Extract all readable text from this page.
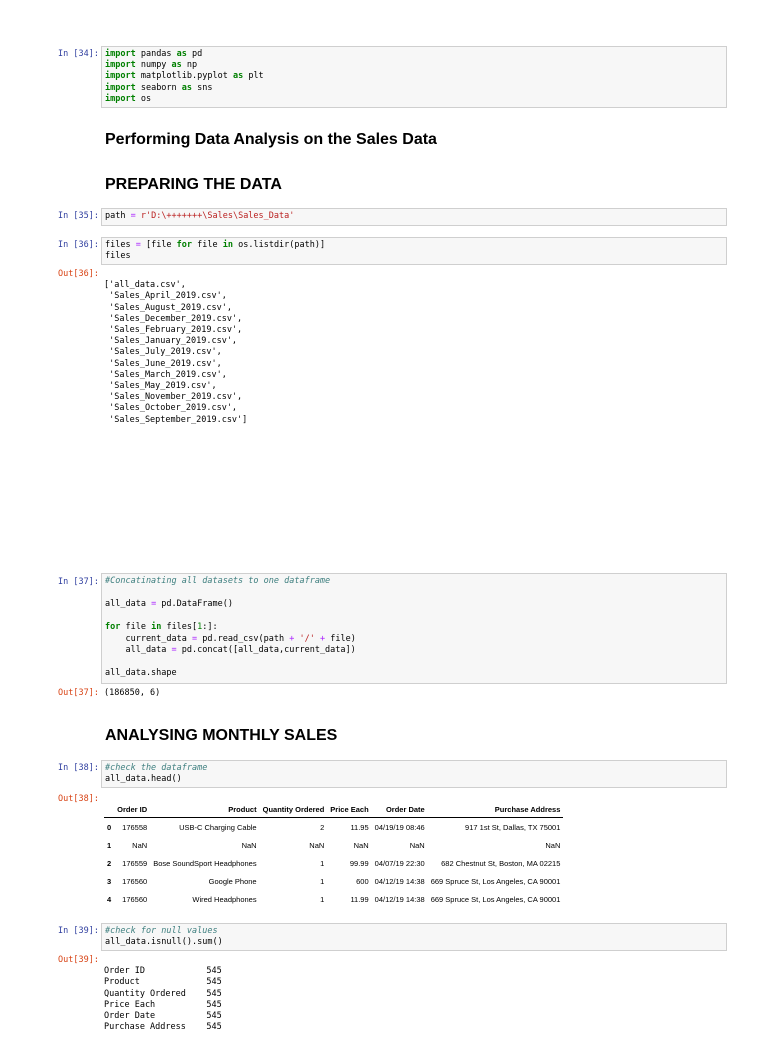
In [34]: import pandas as pd
import numpy as np
import matplotlib.pyplot as plt
import seaborn as sns
import os
Performing Data Analysis on the Sales Data
PREPARING THE DATA
In [35]: path = r'D:\+++++++\Sales\Sales_Data'
In [36]: files = [file for file in os.listdir(path)]
files
Out[36]:

['all_data.csv',
'Sales_April_2019.csv',
'Sales_August_2019.csv',
'Sales_December_2019.csv',
'Sales_February_2019.csv',
'Sales_January_2019.csv',
'Sales_July_2019.csv',
'Sales_June_2019.csv',
'Sales_March_2019.csv',
'Sales_May_2019.csv',
'Sales_November_2019.csv',
'Sales_October_2019.csv',
'Sales_September_2019.csv']

In [37]: #Concatinating all datasets to one dataframe

all_data = pd.DataFrame()

for file in files[1:]:
current_data = pd.read_csv(path + '/' + file)
all_data = pd.concat([all_data,current_data])

all_data.shape
Out[37]: (186850, 6)
ANALYSING MONTHLY SALES
In [38]: #check the dataframe
all_data.head()
Out[38]:
	Order ID	Product	Quantity Ordered	Price Each	Order Date	Purchase Address
0	176558	USB-C Charging Cable	2	11.95	04/19/19 08:46	917 1st St, Dallas, TX 75001
1	NaN	NaN	NaN	NaN	NaN	NaN
2	176559	Bose SoundSport Headphones	1	99.99	04/07/19 22:30	682 Chestnut St, Boston, MA 02215
3	176560	Google Phone	1	600	04/12/19 14:38	669 Spruce St, Los Angeles, CA 90001
4	176560	Wired Headphones	1	11.99	04/12/19 14:38	669 Spruce St, Los Angeles, CA 90001
In [39]: #check for null values
all_data.isnull().sum()
Out[39]:

Order ID            545
Product             545
Quantity Ordered    545
Price Each          545
Order Date          545
Purchase Address    545
